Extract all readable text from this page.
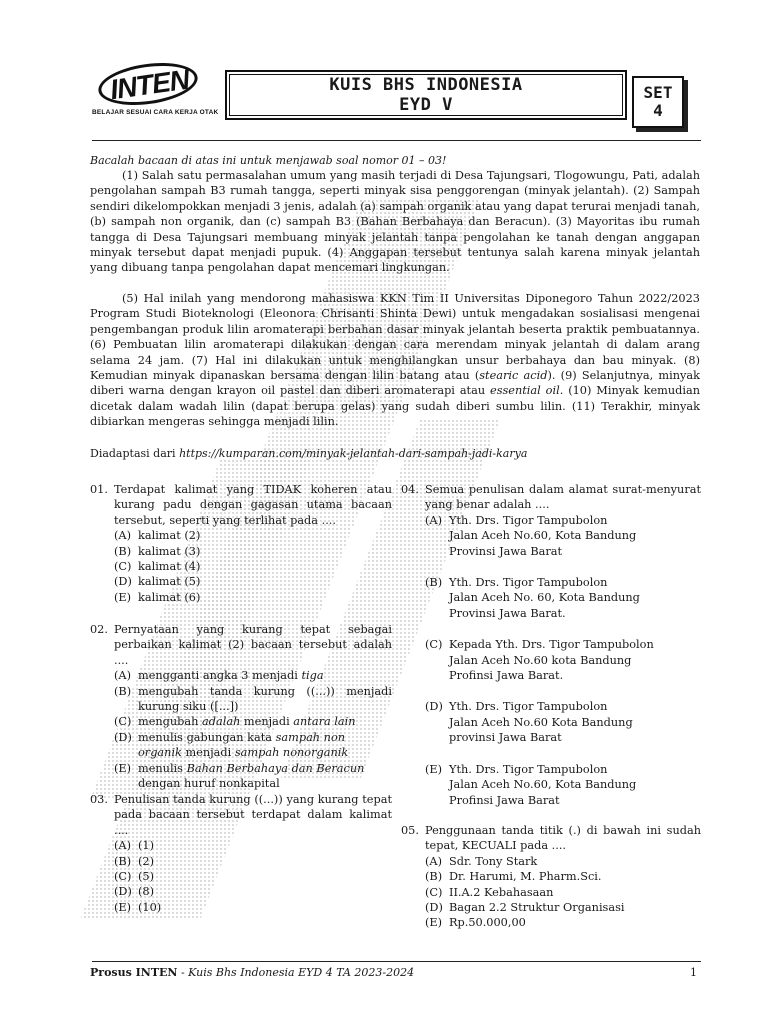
INTEN
BELAJAR SESUAI CARA KERJA OTAK
KUIS BHS INDONESIA
EYD V
SET
4
Bacalah bacaan di atas ini untuk menjawab soal nomor 01 – 03!

(1) Salah satu permasalahan umum yang masih terjadi di Desa Tajungsari, Tlogowungu, Pati, adalah pengolahan sampah B3 rumah tangga, seperti minyak sisa penggorengan (minyak jelantah). (2) Sampah sendiri dikelompokkan menjadi 3 jenis, adalah (a) sampah organik atau yang dapat terurai menjadi tanah, (b) sampah non organik, dan (c) sampah B3 (Bahan Berbahaya dan Beracun). (3) Mayoritas ibu rumah tangga di Desa Tajungsari membuang minyak jelantah tanpa pengolahan ke tanah dengan anggapan minyak tersebut dapat menjadi pupuk. (4) Anggapan tersebut tentunya salah karena minyak jelantah yang dibuang tanpa pengolahan dapat mencemari lingkungan.

(5) Hal inilah yang mendorong mahasiswa KKN Tim II Universitas Diponegoro Tahun 2022/2023 Program Studi Bioteknologi (Eleonora Chrisanti Shinta Dewi) untuk mengadakan sosialisasi mengenai pengembangan produk lilin aromaterapi berbahan dasar minyak jelantah beserta praktik pembuatannya. (6) Pembuatan lilin aromaterapi dilakukan dengan cara merendam minyak jelantah di dalam arang selama 24 jam. (7) Hal ini dilakukan untuk menghilangkan unsur berbahaya dan bau minyak. (8) Kemudian minyak dipanaskan bersama dengan lilin batang atau (stearic acid). (9) Selanjutnya, minyak diberi warna dengan krayon oil pastel dan diberi aromaterapi atau essential oil. (10) Minyak kemudian dicetak dalam wadah lilin (dapat berupa gelas) yang sudah diberi sumbu lilin. (11) Terakhir, minyak dibiarkan mengeras sehingga menjadi lilin.

Diadaptasi dari https://kumparan.com/minyak-jelantah-dari-sampah-jadi-karya
01. Terdapat kalimat yang TIDAK koheren atau kurang padu dengan gagasan utama bacaan tersebut, seperti yang terlihat pada ....
(A) kalimat (2)
(B) kalimat (3)
(C) kalimat (4)
(D) kalimat (5)
(E) kalimat (6)
02. Pernyataan yang kurang tepat sebagai perbaikan kalimat (2) bacaan tersebut adalah ....
(A) mengganti angka 3 menjadi tiga
(B) mengubah tanda kurung ((...)) menjadi kurung siku ([...])
(C) mengubah adalah menjadi antara lain
(D) menulis gabungan kata sampah non organik menjadi sampah nonorganik
(E) menulis Bahan Berbahaya dan Beracun dengan huruf nonkapital
03. Penulisan tanda kurung ((...)) yang kurang tepat pada bacaan tersebut terdapat dalam kalimat ....
(A) (1)
(B) (2)
(C) (5)
(D) (8)
(E) (10)
04. Semua penulisan dalam alamat surat-menyurat yang benar adalah ....
(A) Yth. Drs. Tigor Tampubolon
Jalan Aceh No.60, Kota Bandung
Provinsi Jawa Barat
(B) Yth. Drs. Tigor Tampubolon
Jalan Aceh No. 60, Kota Bandung
Provinsi Jawa Barat.
(C) Kepada Yth. Drs. Tigor Tampubolon
Jalan Aceh No.60 kota Bandung
Profinsi Jawa Barat.
(D) Yth. Drs. Tigor Tampubolon
Jalan Aceh No.60 Kota Bandung
provinsi Jawa Barat
(E) Yth. Drs. Tigor Tampubolon
Jalan Aceh No.60, Kota Bandung
Profinsi Jawa Barat
05. Penggunaan tanda titik (.) di bawah ini sudah tepat, KECUALI pada ....
(A) Sdr. Tony Stark
(B) Dr. Harumi, M. Pharm.Sci.
(C) II.A.2 Kebahasaan
(D) Bagan 2.2 Struktur Organisasi
(E) Rp.50.000,00
Prosus INTEN - Kuis Bhs Indonesia EYD 4 TA 2023-2024	1
